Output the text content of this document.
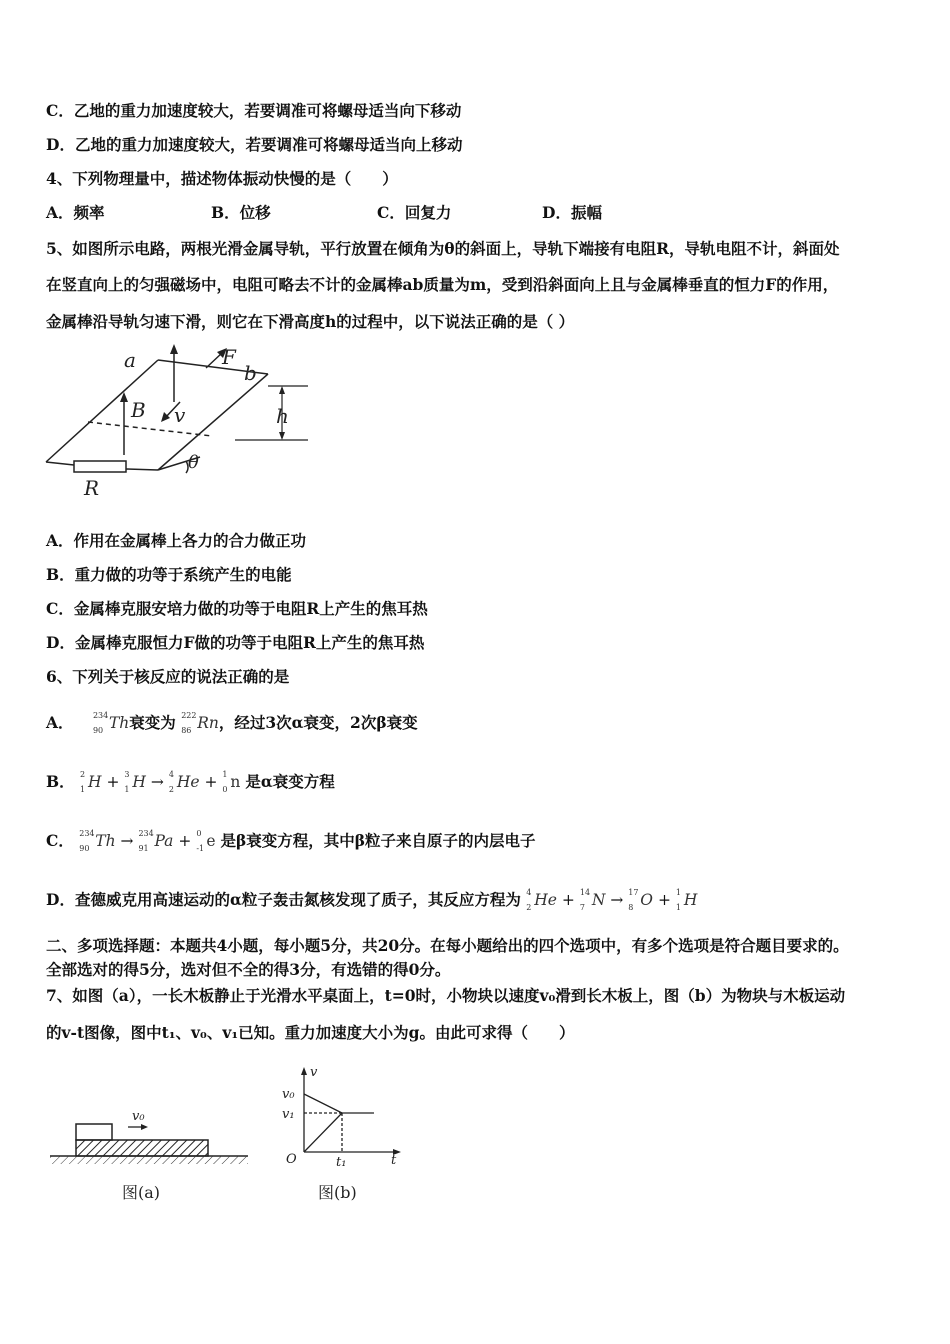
C．乙地的重力加速度较大，若要调准可将螺母适当向下移动
D．乙地的重力加速度较大，若要调准可将螺母适当向上移动
4、下列物理量中，描述物体振动快慢的是（　　）
A．频率	B．位移	C．回复力	D．振幅
5、如图所示电路，两根光滑金属导轨，平行放置在倾角为θ的斜面上，导轨下端接有电阻R，导轨电阻不计，斜面处
在竖直向上的匀强磁场中，电阻可略去不计的金属棒ab质量为m，受到沿斜面向上且与金属棒垂直的恒力F的作用，
金属棒沿导轨匀速下滑，则它在下滑高度h的过程中，以下说法正确的是（ ）
a
b
F
B v	h
θ
R
A．作用在金属棒上各力的合力做正功
B．重力做的功等于系统产生的电能
C．金属棒克服安培力做的功等于电阻R上产生的焦耳热
D．金属棒克服恒力F做的功等于电阻R上产生的焦耳热
6、下列关于核反应的说法正确的是
A． 234
90 Th衰变为 222
86 Rn，经过3次α衰变，2次β衰变
B． 2
1 H + 3
1 H → 4
2 He + 1
0 n 是α衰变方程
C． 234
90 Th → 234
91 Pa + 0
-1 e 是β衰变方程，其中β粒子来自原子的内层电子
D．查德威克用高速运动的α粒子轰击氮核发现了质子，其反应方程为 4
2 He + 14
7 N → 17
8 O + 1
1 H
二、多项选择题：本题共4小题，每小题5分，共20分。在每小题给出的四个选项中，有多个选项是符合题目要求的。
全部选对的得5分，选对但不全的得3分，有选错的得0分。
7、如图（a），一长木板静止于光滑水平桌面上，t=0时，小物块以速度v₀滑到长木板上，图（b）为物块与木板运动
的v-t图像，图中t₁、v₀、v₁已知。重力加速度大小为g。由此可求得（　　）
v₀
图(a)
v
v₀
v₁
O	t₁	t
图(b)
